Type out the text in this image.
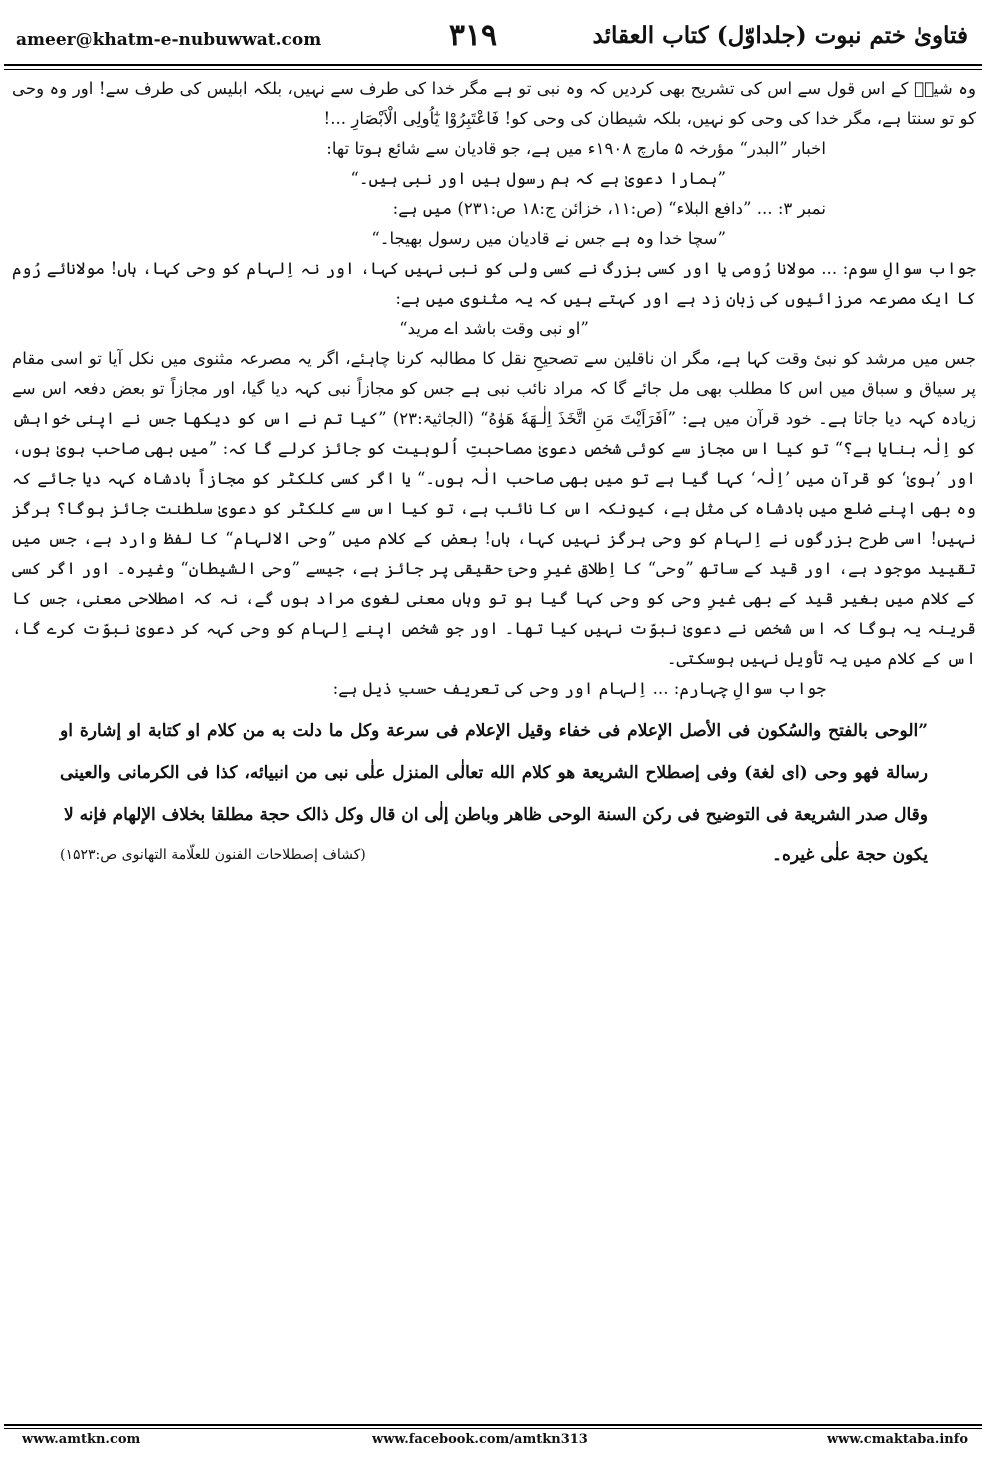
ameer@khatm-e-nubuwwat.com	۳۱۹	فتاویٰ ختم نبوت (جلداوّل) کتاب العقائد

وہ شیخؒ کے اس قول سے اس کی تشریح بھی کردیں کہ وہ نبی تو ہے مگر خدا کی طرف سے نہیں، بلکہ ابلیس کی طرف سے! اور وہ وحی کو تو سنتا ہے، مگر خدا کی وحی کو نہیں، بلکہ شیطان کی وحی کو! فَاعْتَبِرُوْا یٰٓاُولِی الْاَبْصَارِ ...!

اخبار ”البدر“ مؤرخہ ۵ مارچ ۱۹۰۸ء میں ہے، جو قادیان سے شائع ہوتا تھا:

”ہمارا دعویٰ ہے کہ ہم رسول ہیں اور نبی ہیں۔“

نمبر ۳: ... ”دافع البلاء“ (ص:۱۱، خزائن ج:۱۸ ص:۲۳۱) میں ہے:

”سچا خدا وہ ہے جس نے قادیان میں رسول بھیجا۔“

جواب سوالِ سوم: ... مولانا رُومی یا اور کسی بزرگ نے کسی ولی کو نبی نہیں کہا، اور نہ اِلہام کو وحی کہا، ہاں! مولانائے رُوم کا ایک مصرعہ مرزائیوں کی زبان زد ہے اور کہتے ہیں کہ یہ مثنوی میں ہے:

”او نبی وقت باشد اے مرید“

جس میں مرشد کو نبیٔ وقت کہا ہے، مگر ان ناقلین سے تصحیحِ نقل کا مطالبہ کرنا چاہئے، اگر یہ مصرعہ مثنوی میں نکل آیا تو اسی مقام پر سیاق و سباق میں اس کا مطلب بھی مل جائے گا کہ مراد نائب نبی ہے جس کو مجازاً نبی کہہ دیا گیا، اور مجازاً تو بعض دفعہ اس سے زیادہ کہہ دیا جاتا ہے۔ خود قرآن میں ہے: ”اَفَرَاَیْتَ مَنِ اتَّخَذَ اِلٰـهَهٗ هَوٰهُ“ (الجاثیۃ:۲۳) ”کیا تم نے اس کو دیکھا جس نے اپنی خواہش کو اِلٰہ بنایا ہے؟“ تو کیا اس مجاز سے کوئی شخص دعویٰ مصاحبتِ اُلوہیت کو جائز کرلے گا کہ: ”میں بھی صاحب ہویٰ ہوں، اور ’ہویٰ‘ کو قرآن میں ’اِلٰہ‘ کہا گیا ہے تو میں بھی صاحب الٰہ ہوں۔“ یا اگر کسی کلکٹر کو مجازاً بادشاہ کہہ دیا جائے کہ وہ بھی اپنے ضلع میں بادشاہ کی مثل ہے، کیونکہ اس کا نائب ہے، تو کیا اس سے کلکٹر کو دعویٰ سلطنت جائز ہوگا؟ ہرگز نہیں! اسی طرح بزرگوں نے اِلہام کو وحی ہرگز نہیں کہا، ہاں! بعض کے کلام میں ”وحی الالہام“ کا لفظ وارد ہے، جس میں تقیید موجود ہے، اور قید کے ساتھ ”وحی“ کا اِطلاق غیرِ وحیٔ حقیقی پر جائز ہے، جیسے ”وحی الشیطان“ وغیرہ۔ اور اگر کسی کے کلام میں بغیر قید کے بھی غیرِ وحی کو وحی کہا گیا ہو تو وہاں معنی لغوی مراد ہوں گے، نہ کہ اصطلاحی معنی، جس کا قرینہ یہ ہوگا کہ اس شخص نے دعویٰ نبوّت نہیں کیا تھا۔ اور جو شخص اپنے اِلہام کو وحی کہہ کر دعویٰ نبوّت کرے گا، اس کے کلام میں یہ تأویل نہیں ہوسکتی۔

جواب سوالِ چہارم: ... اِلہام اور وحی کی تعریف حسبِ ذیل ہے:

”الوحی بالفتح والسُکون فی الأصل الإعلام فی خفاء وقیل الإعلام فی سرعة وکل ما دلت به من کلام او کتابة او إشارة او رسالة فهو وحی (ای لغة) وفی إصطلاح الشریعة هو کلام الله تعالٰی المنزل علٰی نبی من انبیائه، کذا فی الکرمانی والعینی وقال صدر الشریعة فی التوضیح فی رکن السنة الوحی ظاهر وباطن إلٰی ان قال وکل ذالک حجة مطلقا بخلاف الإلهام فإنه لا

یکون حجة علٰی غیره۔
(کشاف إصطلاحات الفنون للعلّامة التهانوی ص:۱۵۲۳)

www.amtkn.com	www.facebook.com/amtkn313	www.cmaktaba.info
